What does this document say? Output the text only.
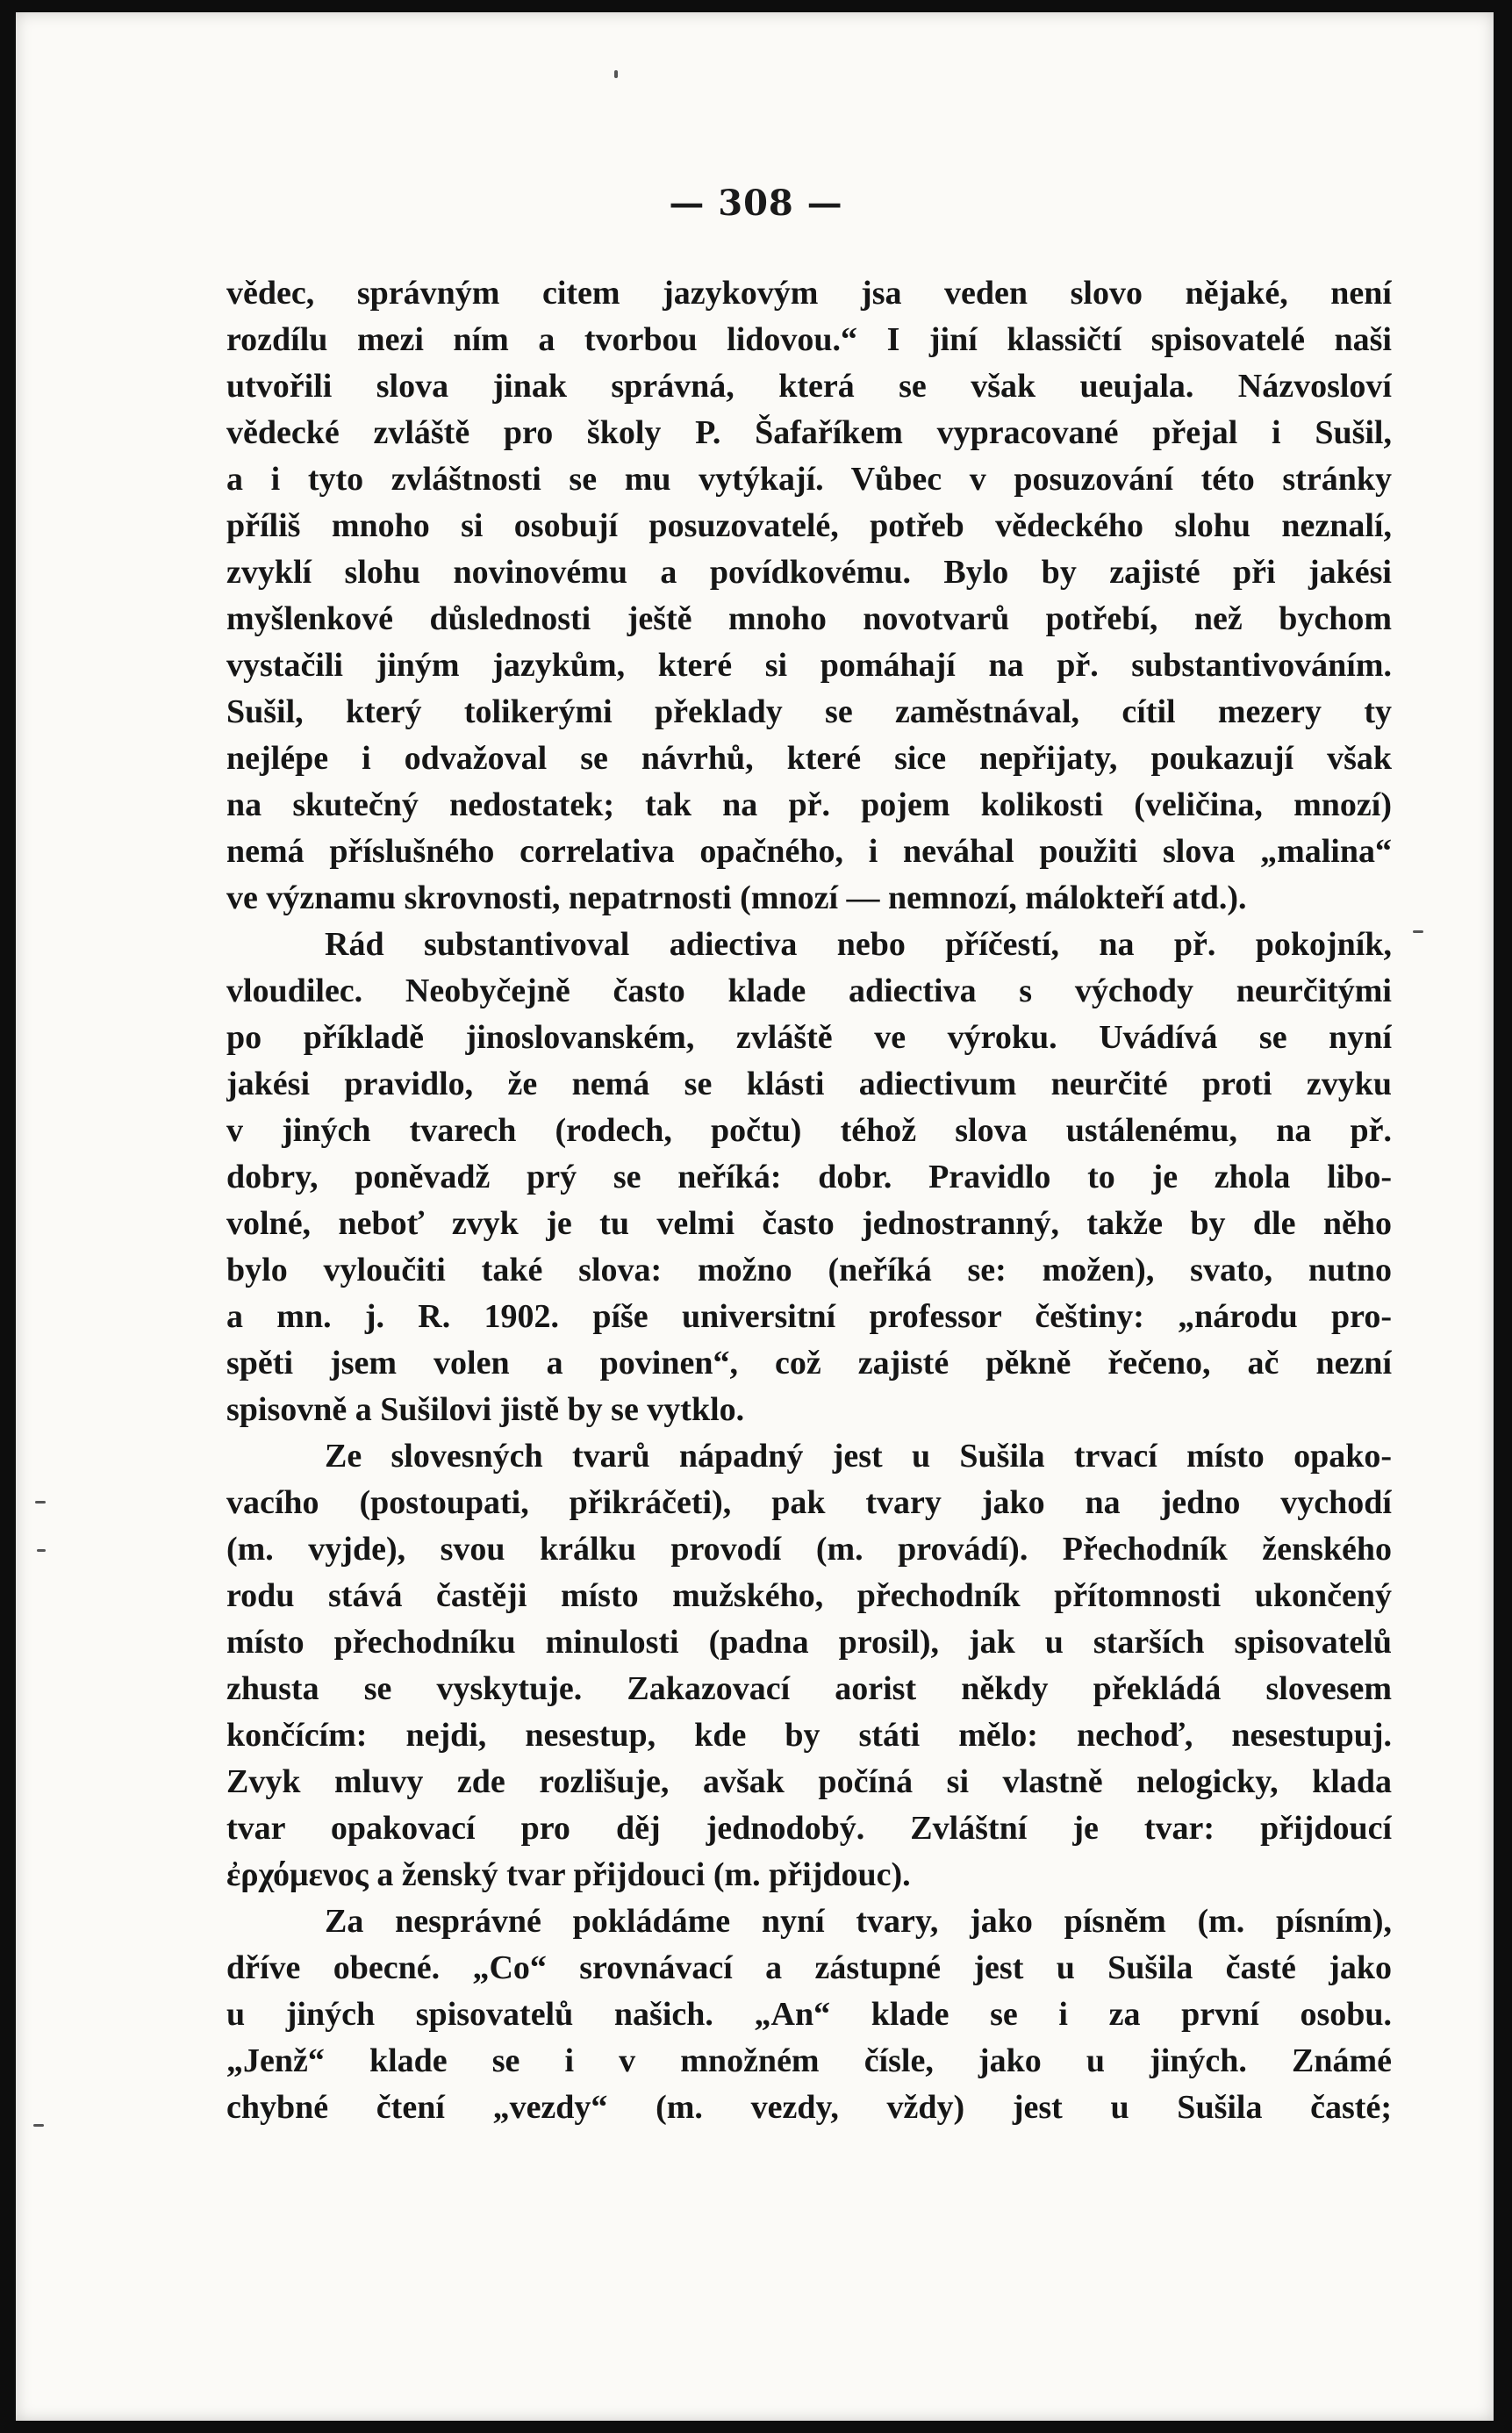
— 308 —
vědec, správným citem jazykovým jsa veden slovo nějaké, není
rozdílu mezi ním a tvorbou lidovou.“ I jiní klassičtí spisovatelé naši
utvořili slova jinak správná, která se však ueujala. Názvosloví
vědecké zvláště pro školy P. Šafaříkem vypracované přejal i Sušil,
a i tyto zvláštnosti se mu vytýkají. Vůbec v posuzování této stránky
příliš mnoho si osobují posuzovatelé, potřeb vědeckého slohu neznalí,
zvyklí slohu novinovému a povídkovému. Bylo by zajisté při jakési
myšlenkové důslednosti ještě mnoho novotvarů potřebí, než bychom
vystačili jiným jazykům, které si pomáhají na př. substantivováním.
Sušil, který tolikerými překlady se zaměstnával, cítil mezery ty
nejlépe i odvažoval se návrhů, které sice nepřijaty, poukazují však
na skutečný nedostatek; tak na př. pojem kolikosti (veličina, mnozí)
nemá příslušného correlativa opačného, i neváhal použiti slova „malina“
ve významu skrovnosti, nepatrnosti (mnozí — nemnozí, málokteří atd.).
Rád substantivoval adiectiva nebo příčestí, na př. pokojník,
vloudilec. Neobyčejně často klade adiectiva s východy neurčitými
po příkladě jinoslovanském, zvláště ve výroku. Uvádívá se nyní
jakési pravidlo, že nemá se klásti adiectivum neurčité proti zvyku
v jiných tvarech (rodech, počtu) téhož slova ustálenému, na př.
dobry, poněvadž prý se neříká: dobr. Pravidlo to je zhola libo-
volné, neboť zvyk je tu velmi často jednostranný, takže by dle něho
bylo vyloučiti také slova: možno (neříká se: možen), svato, nutno
a mn. j. R. 1902. píše universitní professor češtiny: „národu pro-
spěti jsem volen a povinen“, což zajisté pěkně řečeno, ač nezní
spisovně a Sušilovi jistě by se vytklo.
Ze slovesných tvarů nápadný jest u Sušila trvací místo opako-
vacího (postoupati, přikráčeti), pak tvary jako na jedno vychodí
(m. vyjde), svou králku provodí (m. provádí). Přechodník ženského
rodu stává častěji místo mužského, přechodník přítomnosti ukončený
místo přechodníku minulosti (padna prosil), jak u starších spisovatelů
zhusta se vyskytuje. Zakazovací aorist někdy překládá slovesem
končícím: nejdi, nesestup, kde by státi mělo: nechoď, nesestupuj.
Zvyk mluvy zde rozlišuje, avšak počíná si vlastně nelogicky, klada
tvar opakovací pro děj jednodobý. Zvláštní je tvar: přijdoucí
ἐρχόμενος a ženský tvar přijdouci (m. přijdouc).
Za nesprávné pokládáme nyní tvary, jako písněm (m. písním),
dříve obecné. „Co“ srovnávací a zástupné jest u Sušila časté jako
u jiných spisovatelů našich. „An“ klade se i za první osobu.
„Jenž“ klade se i v množném čísle, jako u jiných. Známé
chybné čtení „vezdy“ (m. vezdy, vždy) jest u Sušila časté;
